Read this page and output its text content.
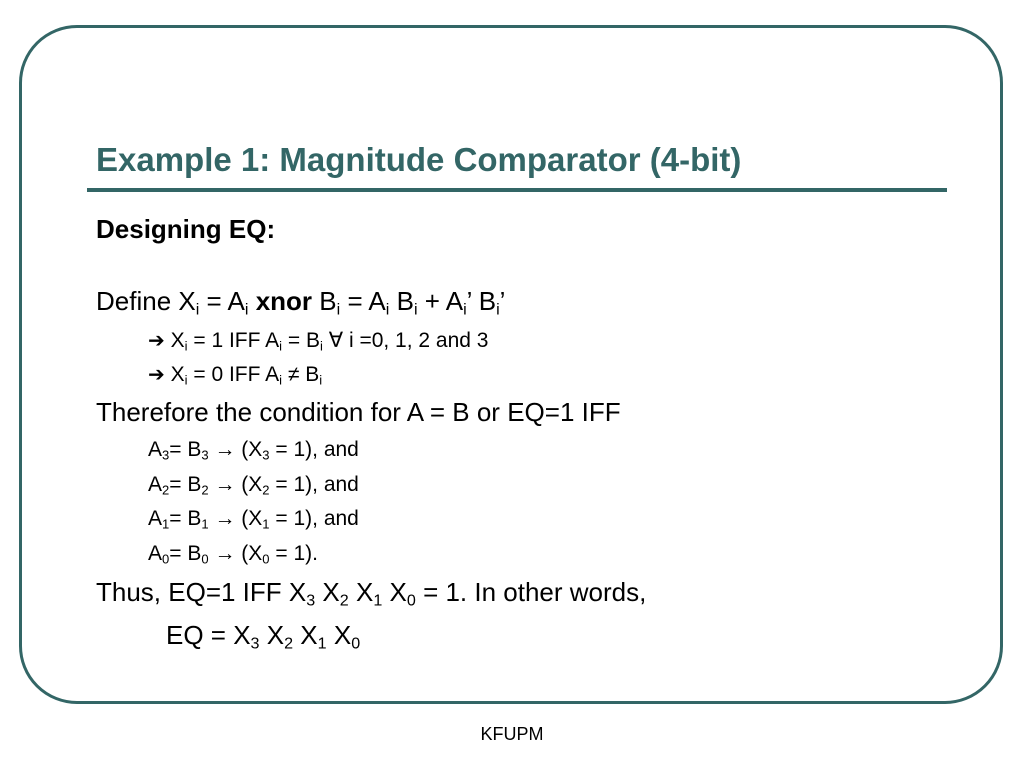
Example 1: Magnitude Comparator (4-bit)
Designing EQ:
Define $X_i = A_i$ xnor $B_i = A_i$ $B_i + A_i$’ $B_i$’
➔ $X_i = 1$ IFF $A_i = B_i$ ∀ i =0, 1, 2 and 3
➔ $X_i = 0$ IFF $A_i \ne B_i$
Therefore the condition for A = B or EQ=1 IFF
$A_3= B_3 \to (X_3 = 1)$, and
$A_2= B_2 \to (X_2 = 1)$, and
$A_1= B_1 \to (X_1 = 1)$, and
$A_0= B_0 \to (X_0 = 1)$.
Thus, EQ=1 IFF $X_3$ $X_2$ $X_1$ $X_0 = 1$. In other words,
EQ = $X_3$ $X_2$ $X_1$ $X_0$
KFUPM
